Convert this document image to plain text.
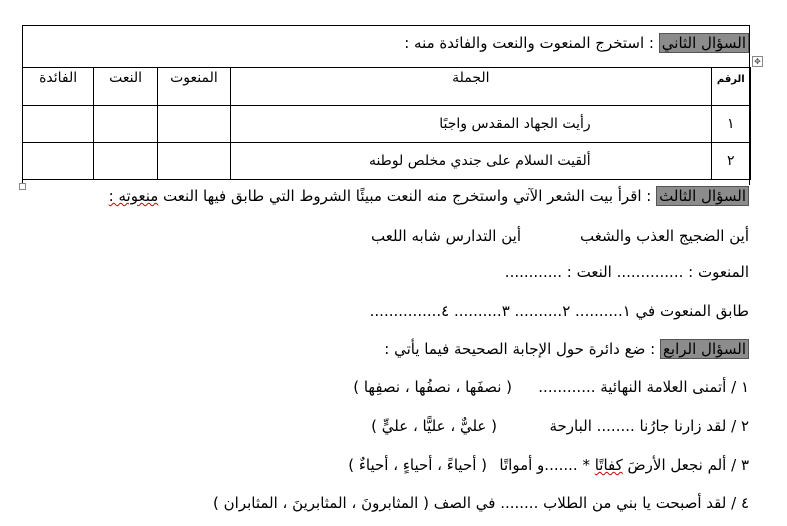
✥
السؤال الثاني : استخرج المنعوت والنعت والفائدة منه :
الرقم	الجملة	المنعوت	النعت	الفائدة
١	رأيت الجهاد المقدس واجبًا			
٢	ألقيت السلام على جندي مخلص لوطنه			
السؤال الثالث : اقرأ بيت الشعر الآتي واستخرج منه النعت مبيئًا الشروط التي طابق فيها النعت منعوته :
أين الضجيج العذب والشغب
أين التدارس شابه اللعب
المنعوت : .............. النعت : ............
طابق المنعوت في ١.......... ٢.......... ٣.......... ٤...............
السؤال الرابع : ضع دائرة حول الإجابة الصحيحة فيما يأتي :
١ / أتمنى العلامة النهائية ............
( نصفَها ، نصفُها ، نصفِها )
٢ / لقد زارنا جارُنا ........ البارحة
( عليٌّ ، عليًّا ، عليٍّ )
٣ / ألم نجعل الأرضَ كفاتًا * .......و أمواتًا
( أحياءً ، أحياءٍ ، أحياءٌ )
٤ / لقد أصبحت يا بني من الطلاب ........ في الصف ( المثابرونَ ، المثابرينَ ، المثابران )
